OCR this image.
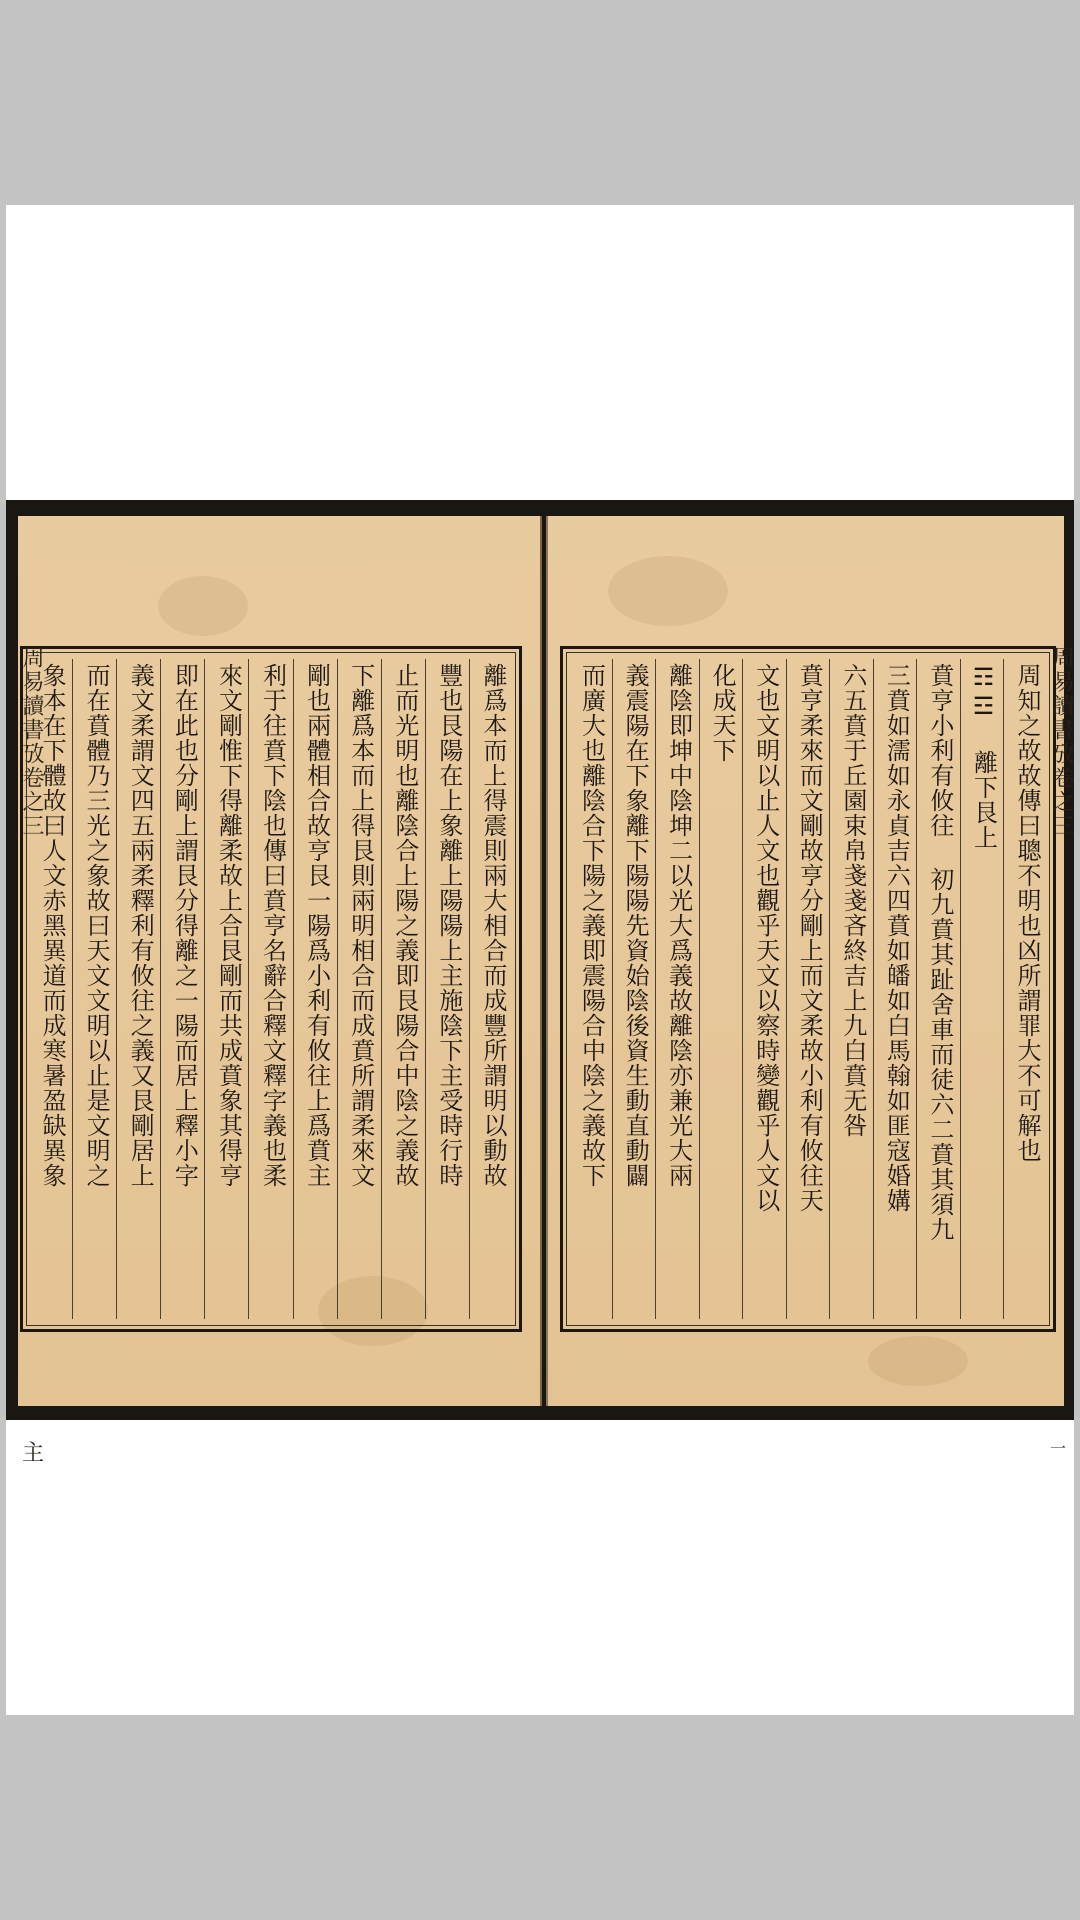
離爲本而上得震則兩大相合而成豐所謂明以動故
豐也艮陽在上象離上陽陽上主施陰下主受時行時
止而光明也離陰合上陽之義即艮陽合中陰之義故
下離爲本而上得艮則兩明相合而成賁所謂柔來文
剛也兩體相合故亨艮一陽爲小利有攸往上爲賁主
利于往賁下陰也傳曰賁亨名辭合釋文釋字義也柔
來文剛惟下得離柔故上合艮剛而共成賁象其得亨
即在此也分剛上謂艮分得離之一陽而居上釋小字
義文柔謂文四五兩柔釋利有攸往之義又艮剛居上
而在賁體乃三光之象故曰天文文明以止是文明之
象本在下體故曰人文赤黑異道而成寒暑盈缺異象
周易讀書攷卷之三
主
周知之故故傳曰聰不明也凶所謂罪大不可解也
☶☲ 離下艮上
賁亨小利有攸往 初九賁其趾舍車而徒六二賁其須九
三賁如濡如永貞吉六四賁如皤如白馬翰如匪寇婚媾
六五賁于丘園束帛戔戔吝終吉上九白賁无咎
賁亨柔來而文剛故亨分剛上而文柔故小利有攸往天
文也文明以止人文也觀乎天文以察時變觀乎人文以
化成天下
離陰即坤中陰坤二以光大爲義故離陰亦兼光大兩
義震陽在下象離下陽陽先資始陰後資生動直動闢
而廣大也離陰合下陽之義即震陽合中陰之義故下	周易讀書攷卷之三
一
